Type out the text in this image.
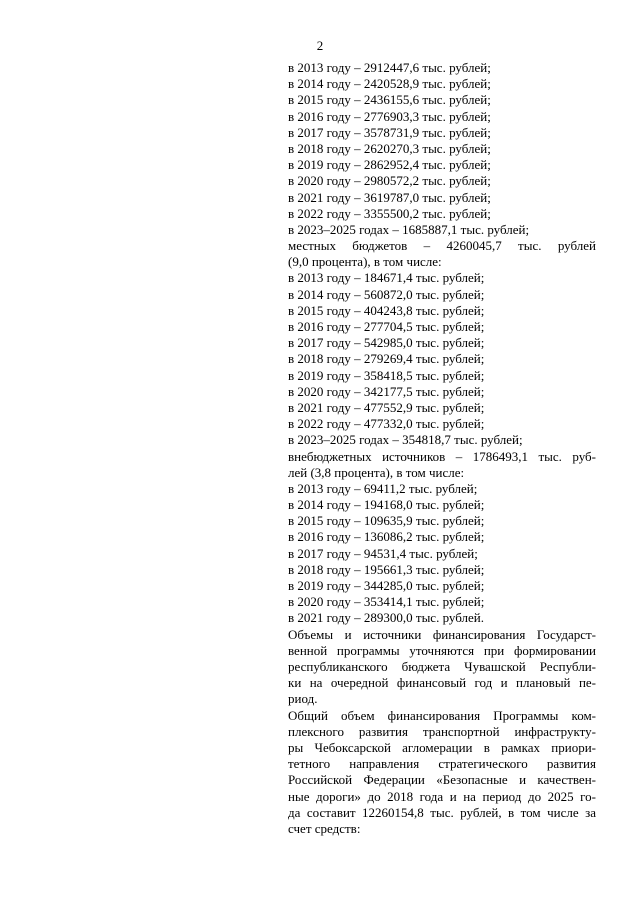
2
в 2013 году – 2912447,6 тыс. рублей;
в 2014 году – 2420528,9 тыс. рублей;
в 2015 году – 2436155,6 тыс. рублей;
в 2016 году – 2776903,3 тыс. рублей;
в 2017 году – 3578731,9 тыс. рублей;
в 2018 году – 2620270,3 тыс. рублей;
в 2019 году – 2862952,4 тыс. рублей;
в 2020 году – 2980572,2 тыс. рублей;
в 2021 году – 3619787,0 тыс. рублей;
в 2022 году – 3355500,2 тыс. рублей;
в 2023–2025 годах – 1685887,1 тыс. рублей;
местных бюджетов – 4260045,7 тыс. рублей
(9,0 процента), в том числе:
в 2013 году – 184671,4 тыс. рублей;
в 2014 году – 560872,0 тыс. рублей;
в 2015 году – 404243,8 тыс. рублей;
в 2016 году – 277704,5 тыс. рублей;
в 2017 году – 542985,0 тыс. рублей;
в 2018 году – 279269,4 тыс. рублей;
в 2019 году – 358418,5 тыс. рублей;
в 2020 году – 342177,5 тыс. рублей;
в 2021 году – 477552,9 тыс. рублей;
в 2022 году – 477332,0 тыс. рублей;
в 2023–2025 годах – 354818,7 тыс. рублей;
внебюджетных источников – 1786493,1 тыс. руб-
лей (3,8 процента), в том числе:
в 2013 году – 69411,2 тыс. рублей;
в 2014 году – 194168,0 тыс. рублей;
в 2015 году – 109635,9 тыс. рублей;
в 2016 году – 136086,2 тыс. рублей;
в 2017 году – 94531,4 тыс. рублей;
в 2018 году – 195661,3 тыс. рублей;
в 2019 году – 344285,0 тыс. рублей;
в 2020 году – 353414,1 тыс. рублей;
в 2021 году – 289300,0 тыс. рублей.
Объемы и источники финансирования Государст-
венной программы уточняются при формировании
республиканского бюджета Чувашской Республи-
ки на очередной финансовый год и плановый пе-
риод.
Общий объем финансирования Программы ком-
плексного развития транспортной инфраструкту-
ры Чебоксарской агломерации в рамках приори-
тетного направления стратегического развития
Российской Федерации «Безопасные и качествен-
ные дороги» до 2018 года и на период до 2025 го-
да составит 12260154,8 тыс. рублей, в том числе за
счет средств:
